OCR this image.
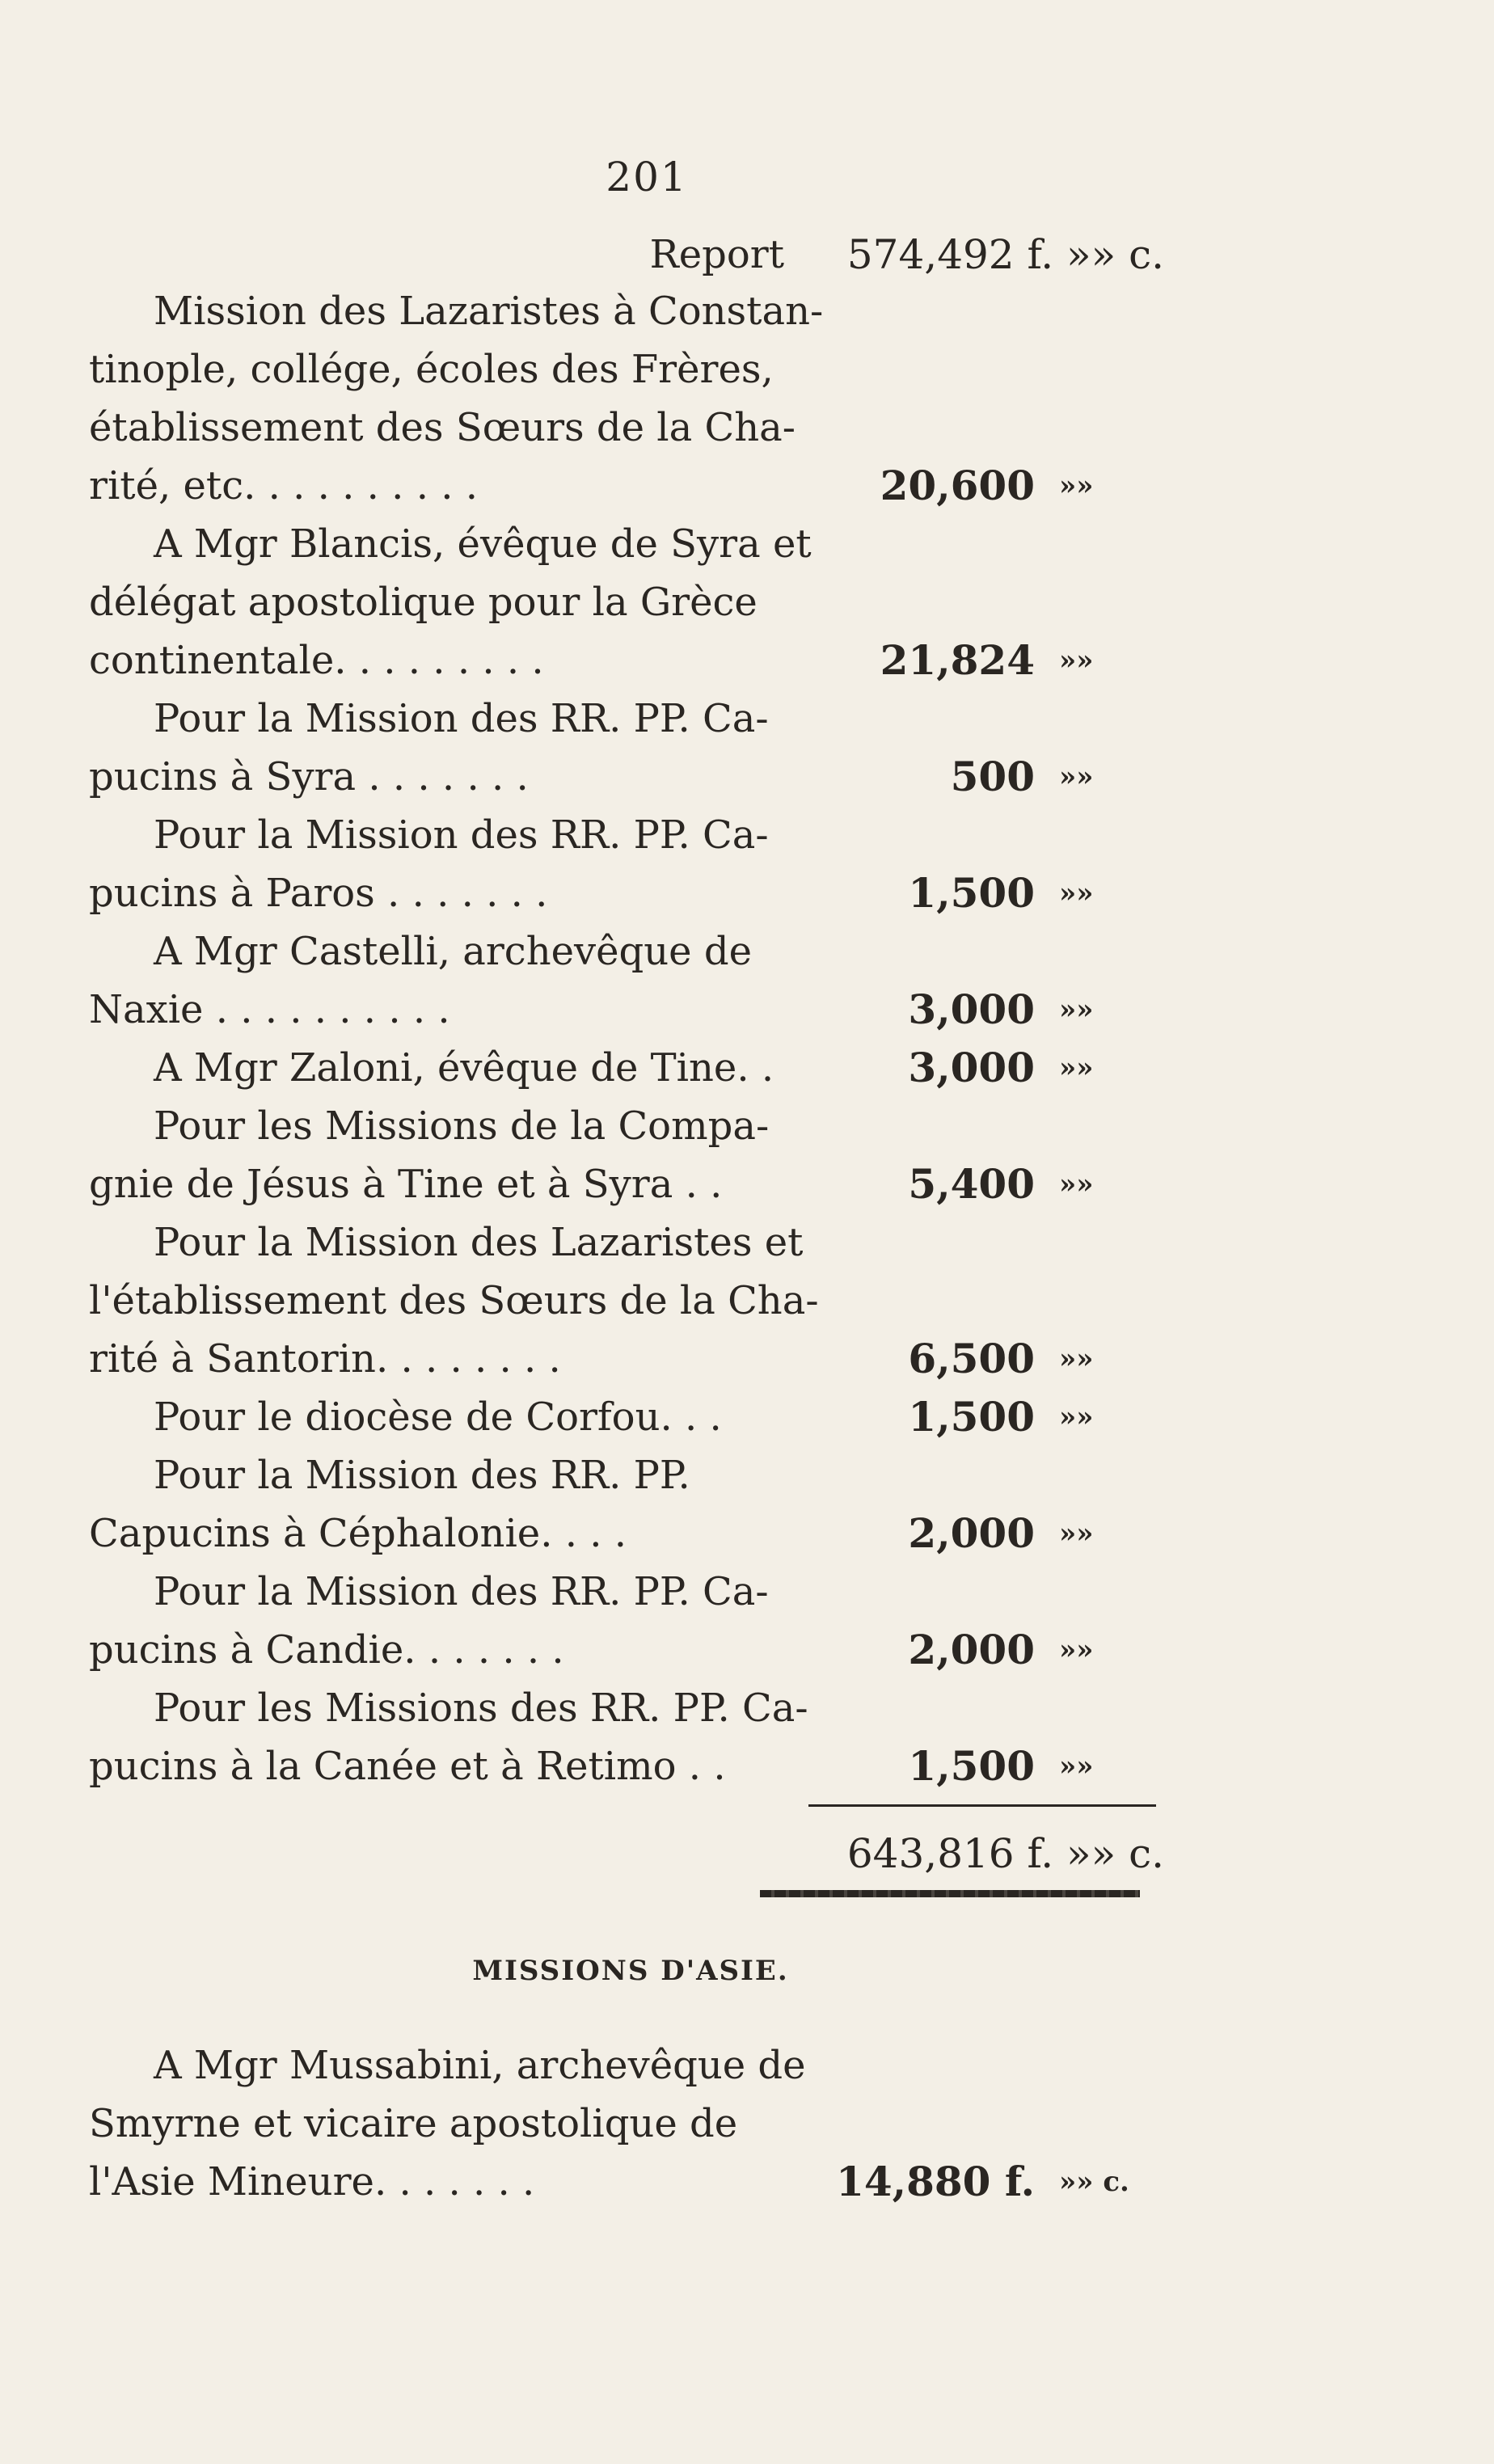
201
Report	574,492 f. »» c.
Mission des Lazaristes à Constan-
tinople, collége, écoles des Frères,
établissement des Sœurs de la Cha-
rité, etc. . . . . . . . . .	20,600 »»
A Mgr Blancis, évêque de Syra et
délégat apostolique pour la Grèce
continentale. . . . . . . . .	21,824 »»
Pour la Mission des RR. PP. Ca-
pucins à Syra . . . . . . .	500 »»
Pour la Mission des RR. PP. Ca-
pucins à Paros . . . . . . .	1,500 »»
A Mgr Castelli, archevêque de
Naxie . . . . . . . . . .	3,000 »»
A Mgr Zaloni, évêque de Tine. .	3,000 »»
Pour les Missions de la Compa-
gnie de Jésus à Tine et à Syra . .	5,400 »»
Pour la Mission des Lazaristes et
l'établissement des Sœurs de la Cha-
rité à Santorin. . . . . . . .	6,500 »»
Pour le diocèse de Corfou. . .	1,500 »»
Pour la Mission des RR. PP.
Capucins à Céphalonie. . . .	2,000 »»
Pour la Mission des RR. PP. Ca-
pucins à Candie. . . . . . .	2,000 »»
Pour les Missions des RR. PP. Ca-
pucins à la Canée et à Retimo . .	1,500 »»
643,816 f. »» c.
MISSIONS D'ASIE.
A Mgr Mussabini, archevêque de
Smyrne et vicaire apostolique de
l'Asie Mineure. . . . . . .	14,880 f. »» c.
